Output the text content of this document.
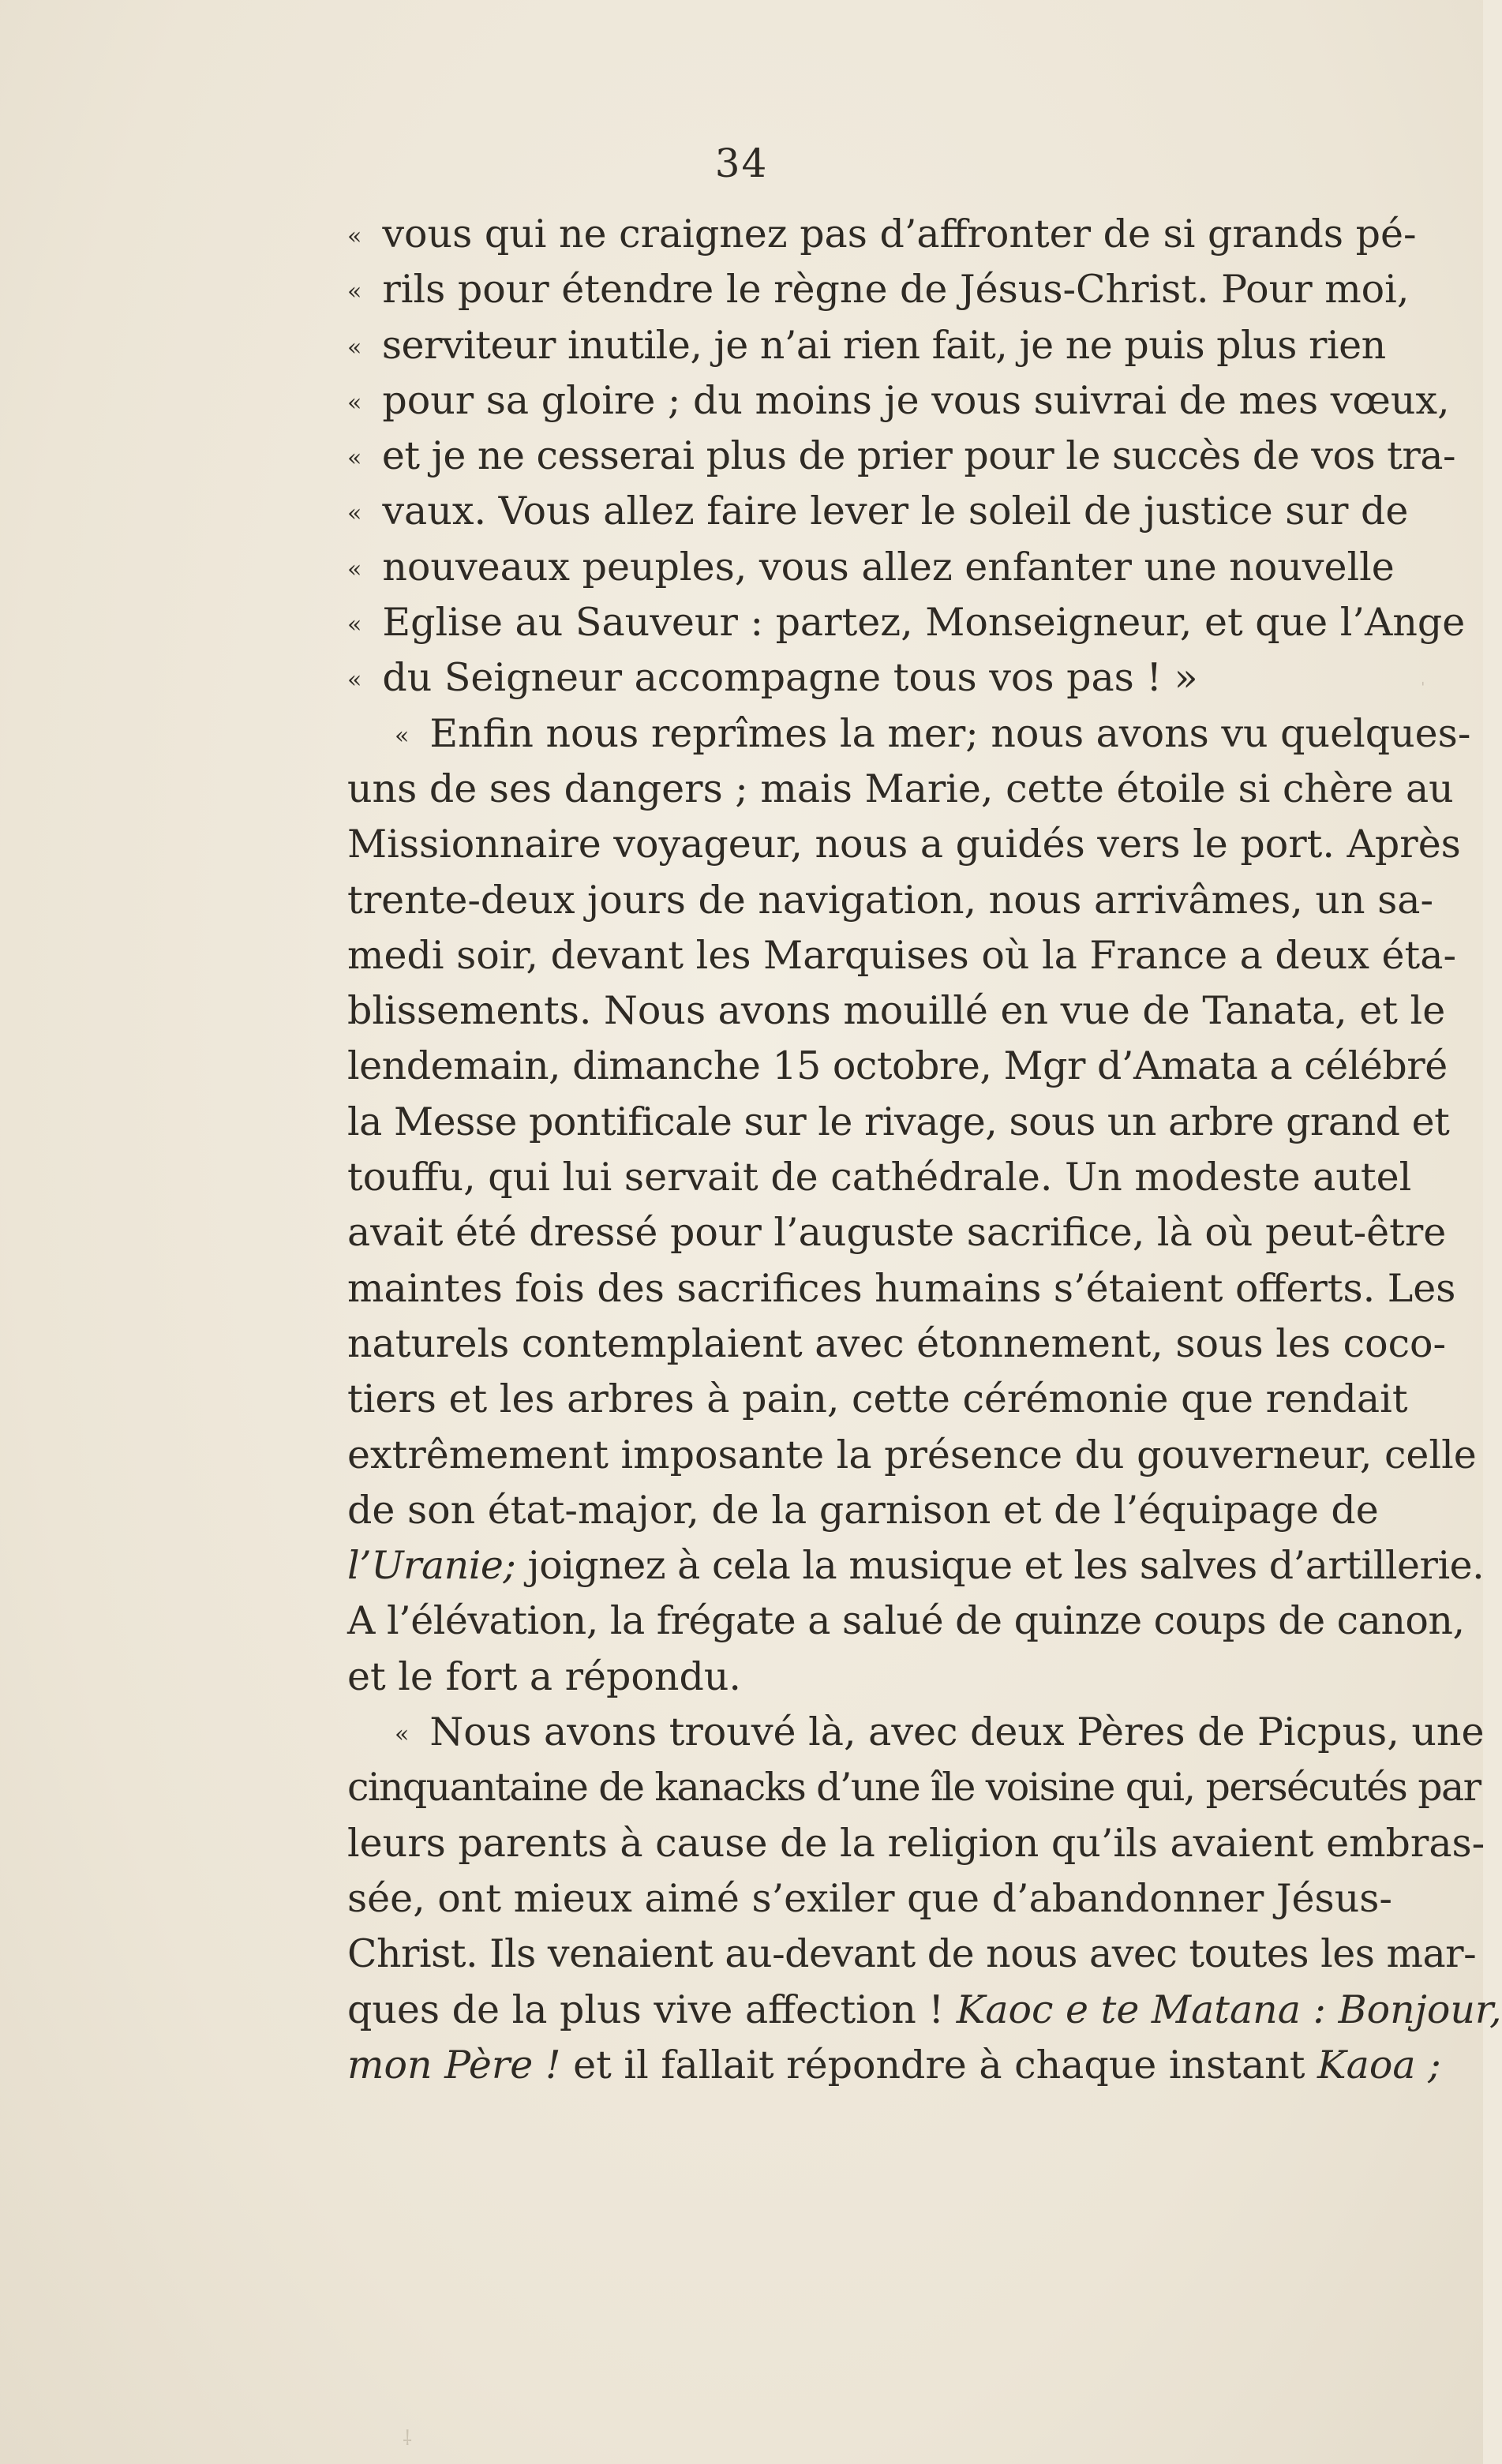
34
« vous qui ne craignez pas d’affronter de si grands pé-
« rils pour étendre le règne de Jésus-Christ. Pour moi,
« serviteur inutile, je n’ai rien fait, je ne puis plus rien
« pour sa gloire ; du moins je vous suivrai de mes vœux,
« et je ne cesserai plus de prier pour le succès de vos tra-
« vaux. Vous allez faire lever le soleil de justice sur de
« nouveaux peuples, vous allez enfanter une nouvelle
« Eglise au Sauveur : partez, Monseigneur, et que l’Ange
« du Seigneur accompagne tous vos pas ! »
« Enfin nous reprîmes la mer; nous avons vu quelques-
uns de ses dangers ; mais Marie, cette étoile si chère au
Missionnaire voyageur, nous a guidés vers le port. Après
trente-deux jours de navigation, nous arrivâmes, un sa-
medi soir, devant les Marquises où la France a deux éta-
blissements. Nous avons mouillé en vue de Tanata, et le
lendemain, dimanche 15 octobre, Mgr d’Amata a célébré
la Messe pontificale sur le rivage, sous un arbre grand et
touffu, qui lui servait de cathédrale. Un modeste autel
avait été dressé pour l’auguste sacrifice, là où peut-être
maintes fois des sacrifices humains s’étaient offerts. Les
naturels contemplaient avec étonnement, sous les coco-
tiers et les arbres à pain, cette cérémonie que rendait
extrêmement imposante la présence du gouverneur, celle
de son état-major, de la garnison et de l’équipage de
l’Uranie; joignez à cela la musique et les salves d’artillerie.
A l’élévation, la frégate a salué de quinze coups de canon,
et le fort a répondu.
« Nous avons trouvé là, avec deux Pères de Picpus, une
cinquantaine de kanacks d’une île voisine qui, persécutés par
leurs parents à cause de la religion qu’ils avaient embras-
sée, ont mieux aimé s’exiler que d’abandonner Jésus-
Christ. Ils venaient au-devant de nous avec toutes les mar-
ques de la plus vive affection ! Kaoc e te Matana : Bonjour,
mon Père ! et il fallait répondre à chaque instant Kaoa ;
ˈ
⸸
